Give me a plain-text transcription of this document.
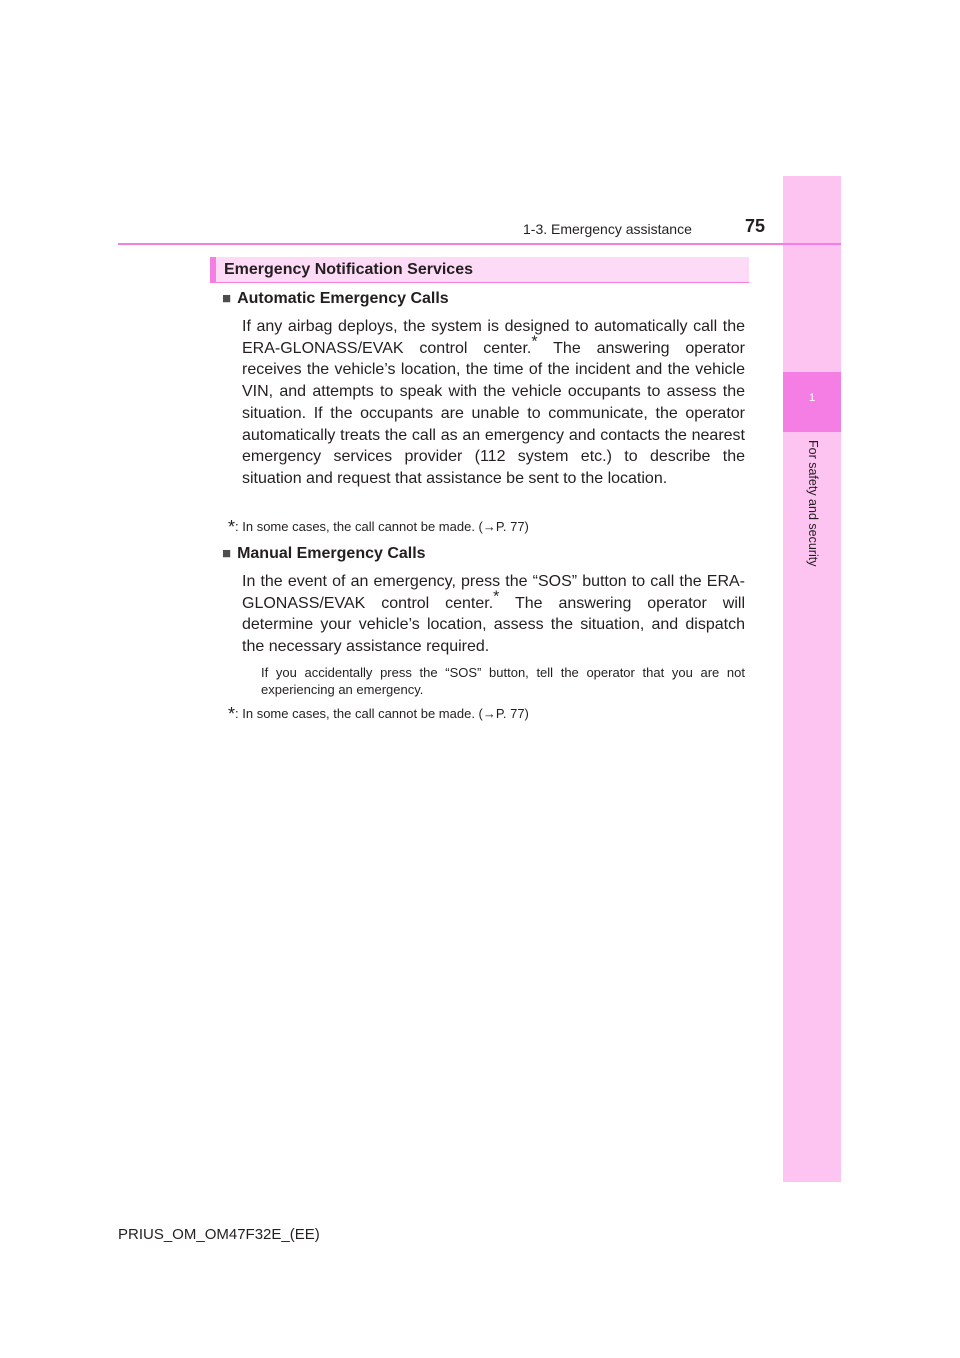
1
For safety and security
1-3. Emergency assistance	75
Emergency Notification Services
■ Automatic Emergency Calls
If any airbag deploys, the system is designed to automatically call the ERA-GLONASS/EVAK control center.* The answering operator receives the vehicle’s location, the time of the incident and the vehicle VIN, and attempts to speak with the vehicle occupants to assess the situation. If the occupants are unable to communicate, the operator automatically treats the call as an emergency and contacts the nearest emergency services provider (112 system etc.) to describe the situation and request that assistance be sent to the location.
*: In some cases, the call cannot be made. (→P. 77)
■ Manual Emergency Calls
In the event of an emergency, press the “SOS” button to call the ERA-GLONASS/EVAK control center.* The answering operator will determine your vehicle’s location, assess the situation, and dispatch the necessary assistance required.
If you accidentally press the “SOS” button, tell the operator that you are not experiencing an emergency.
*: In some cases, the call cannot be made. (→P. 77)
PRIUS_OM_OM47F32E_(EE)
